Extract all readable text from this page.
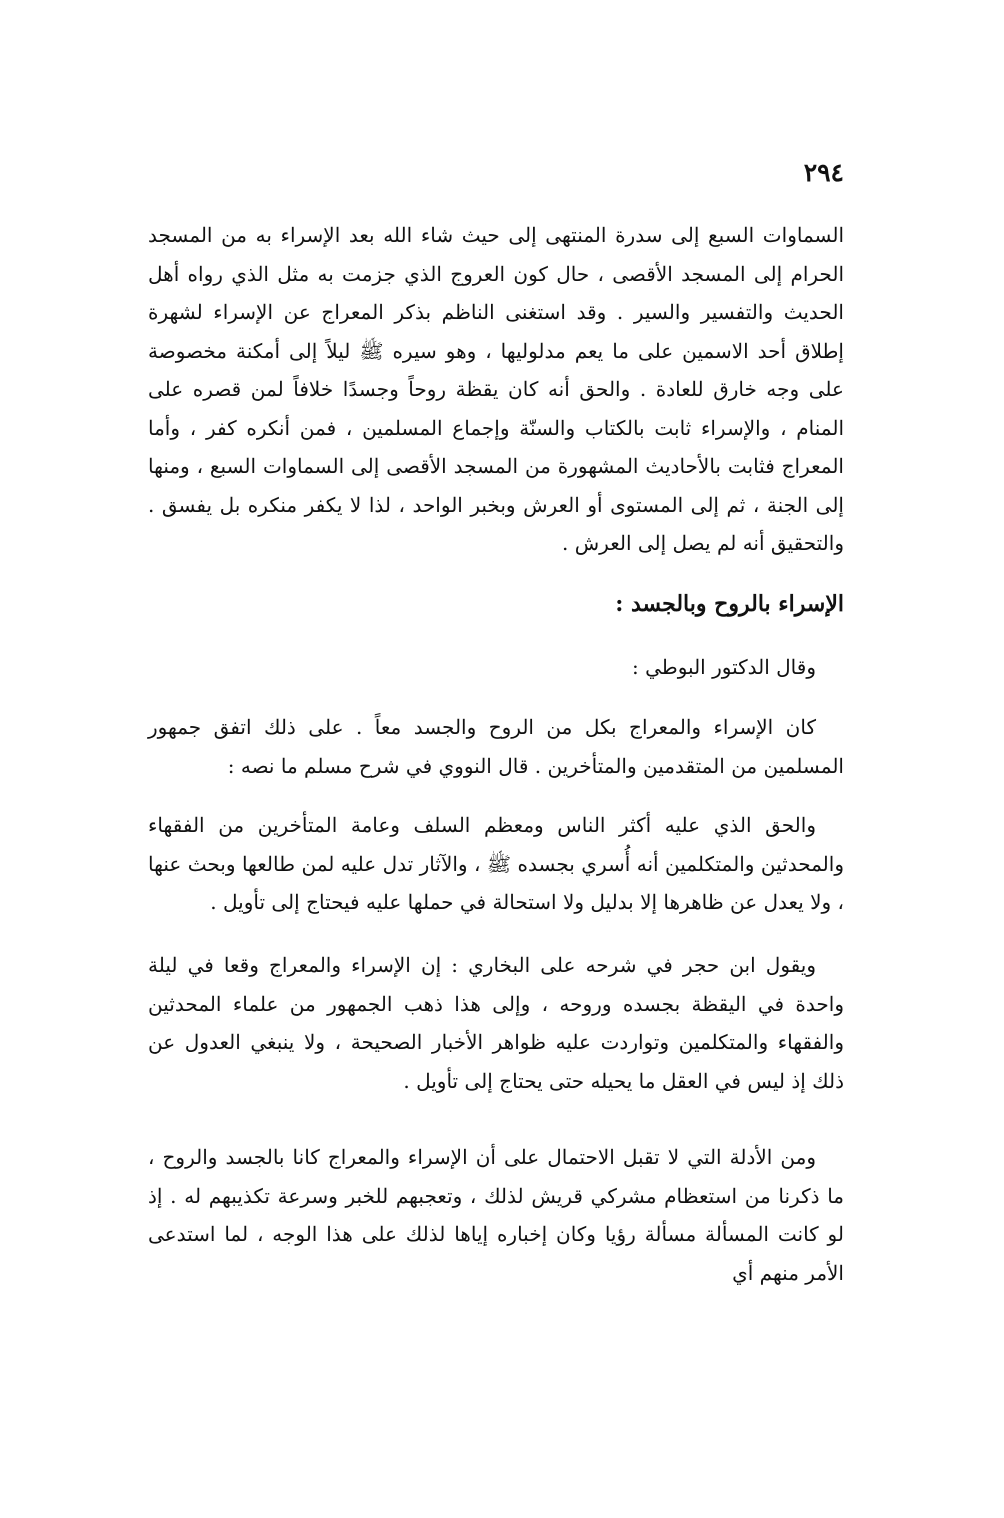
٢٩٤

السماوات السبع إلى سدرة المنتهى إلى حيث شاء الله بعد الإسراء به من المسجد الحرام إلى المسجد الأقصى ، حال كون العروج الذي جزمت به مثل الذي رواه أهل الحديث والتفسير والسير . وقد استغنى الناظم بذكر المعراج عن الإسراء لشهرة إطلاق أحد الاسمين على ما يعم مدلوليها ، وهو سيره ﷺ ليلاً إلى أمكنة مخصوصة على وجه خارق للعادة . والحق أنه كان يقظة روحاً وجسدًا خلافاً لمن قصره على المنام ، والإسراء ثابت بالكتاب والسنّة وإجماع المسلمين ، فمن أنكره كفر ، وأما المعراج فثابت بالأحاديث المشهورة من المسجد الأقصى إلى السماوات السبع ، ومنها إلى الجنة ، ثم إلى المستوى أو العرش وبخبر الواحد ، لذا لا يكفر منكره بل يفسق . والتحقيق أنه لم يصل إلى العرش .

الإسراء بالروح وبالجسد :

وقال الدكتور البوطي :

كان الإسراء والمعراج بكل من الروح والجسد معاً . على ذلك اتفق جمهور المسلمين من المتقدمين والمتأخرين . قال النووي في شرح مسلم ما نصه :

والحق الذي عليه أكثر الناس ومعظم السلف وعامة المتأخرين من الفقهاء والمحدثين والمتكلمين أنه أُسري بجسده ﷺ ، والآثار تدل عليه لمن طالعها وبحث عنها ، ولا يعدل عن ظاهرها إلا بدليل ولا استحالة في حملها عليه فيحتاج إلى تأويل .

ويقول ابن حجر في شرحه على البخاري : إن الإسراء والمعراج وقعا في ليلة واحدة في اليقظة بجسده وروحه ، وإلى هذا ذهب الجمهور من علماء المحدثين والفقهاء والمتكلمين وتواردت عليه ظواهر الأخبار الصحيحة ، ولا ينبغي العدول عن ذلك إذ ليس في العقل ما يحيله حتى يحتاج إلى تأويل .

ومن الأدلة التي لا تقبل الاحتمال على أن الإسراء والمعراج كانا بالجسد والروح ، ما ذكرنا من استعظام مشركي قريش لذلك ، وتعجبهم للخبر وسرعة تكذيبهم له . إذ لو كانت المسألة مسألة رؤيا وكان إخباره إياها لذلك على هذا الوجه ، لما استدعى الأمر منهم أي
